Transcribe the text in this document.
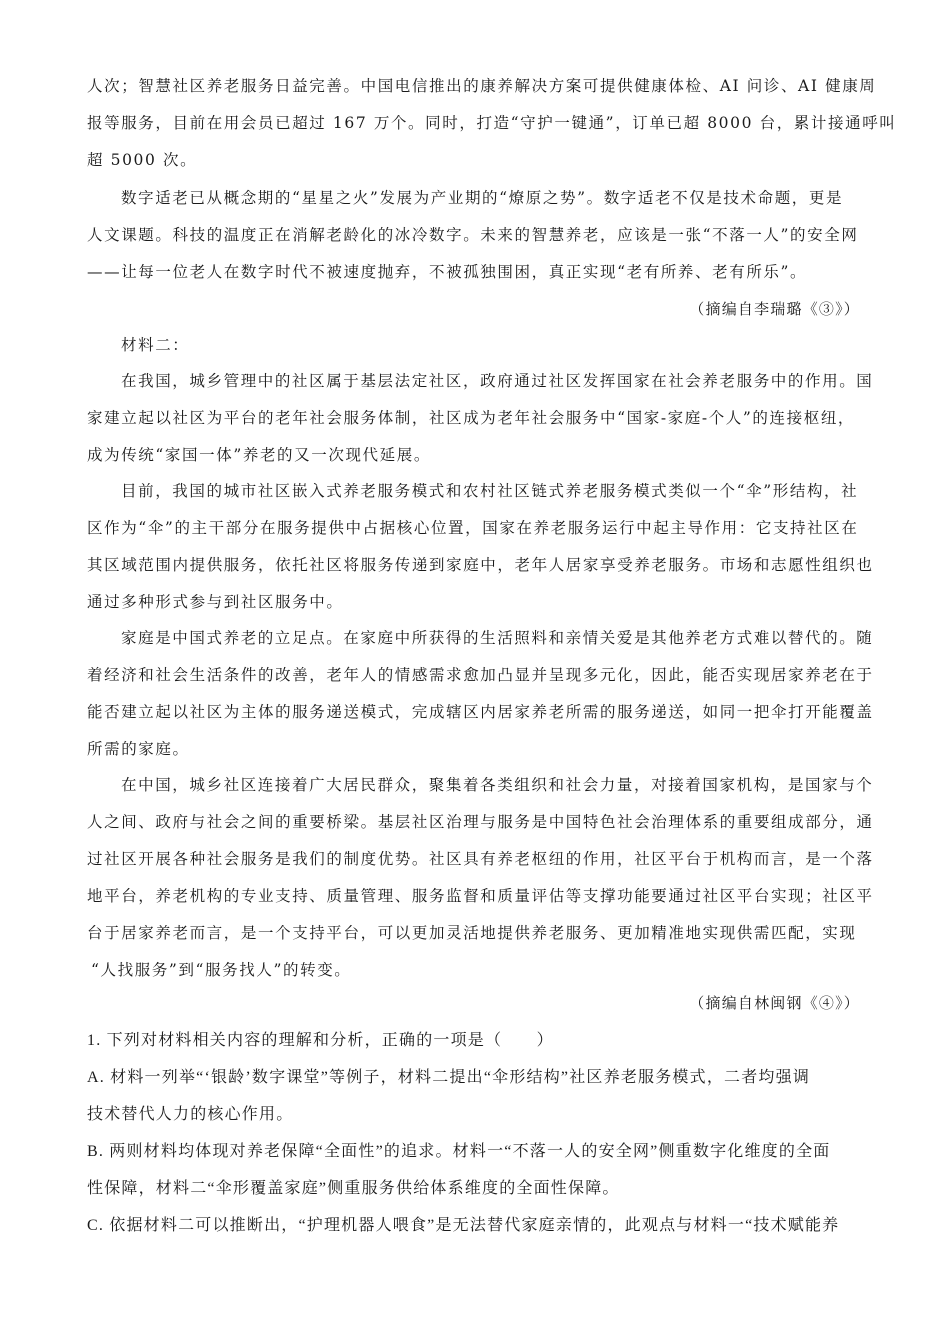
人次；智慧社区养老服务日益完善。中国电信推出的康养解决方案可提供健康体检、AI 问诊、AI 健康周
报等服务，目前在用会员已超过 167 万个。同时，打造“守护一键通”，订单已超 8000 台，累计接通呼叫
超 5000 次。

数字适老已从概念期的“星星之火”发展为产业期的“燎原之势”。数字适老不仅是技术命题，更是
人文课题。科技的温度正在消解老龄化的冰冷数字。未来的智慧养老，应该是一张“不落一人”的安全网
——让每一位老人在数字时代不被速度抛弃，不被孤独围困，真正实现“老有所养、老有所乐”。

（摘编自李瑞璐《③》）
材料二：

在我国，城乡管理中的社区属于基层法定社区，政府通过社区发挥国家在社会养老服务中的作用。国
家建立起以社区为平台的老年社会服务体制，社区成为老年社会服务中“国家-家庭-个人”的连接枢纽，
成为传统“家国一体”养老的又一次现代延展。

目前，我国的城市社区嵌入式养老服务模式和农村社区链式养老服务模式类似一个“伞”形结构，社
区作为“伞”的主干部分在服务提供中占据核心位置，国家在养老服务运行中起主导作用：它支持社区在
其区域范围内提供服务，依托社区将服务传递到家庭中，老年人居家享受养老服务。市场和志愿性组织也
通过多种形式参与到社区服务中。

家庭是中国式养老的立足点。在家庭中所获得的生活照料和亲情关爱是其他养老方式难以替代的。随
着经济和社会生活条件的改善，老年人的情感需求愈加凸显并呈现多元化，因此，能否实现居家养老在于
能否建立起以社区为主体的服务递送模式，完成辖区内居家养老所需的服务递送，如同一把伞打开能覆盖
所需的家庭。

在中国，城乡社区连接着广大居民群众，聚集着各类组织和社会力量，对接着国家机构，是国家与个
人之间、政府与社会之间的重要桥梁。基层社区治理与服务是中国特色社会治理体系的重要组成部分，通
过社区开展各种社会服务是我们的制度优势。社区具有养老枢纽的作用，社区平台于机构而言，是一个落
地平台，养老机构的专业支持、质量管理、服务监督和质量评估等支撑功能要通过社区平台实现；社区平
台于居家养老而言，是一个支持平台，可以更加灵活地提供养老服务、更加精准地实现供需匹配，实现
“人找服务”到“服务找人”的转变。

（摘编自林闽钢《④》）

1. 下列对材料相关内容的理解和分析，正确的一项是（　　）

A. 材料一列举“‘银龄’数字课堂”等例子，材料二提出“伞形结构”社区养老服务模式，二者均强调
技术替代人力的核心作用。

B. 两则材料均体现对养老保障“全面性”的追求。材料一“不落一人的安全网”侧重数字化维度的全面
性保障，材料二“伞形覆盖家庭”侧重服务供给体系维度的全面性保障。

C. 依据材料二可以推断出，“护理机器人喂食”是无法替代家庭亲情的，此观点与材料一“技术赋能养
